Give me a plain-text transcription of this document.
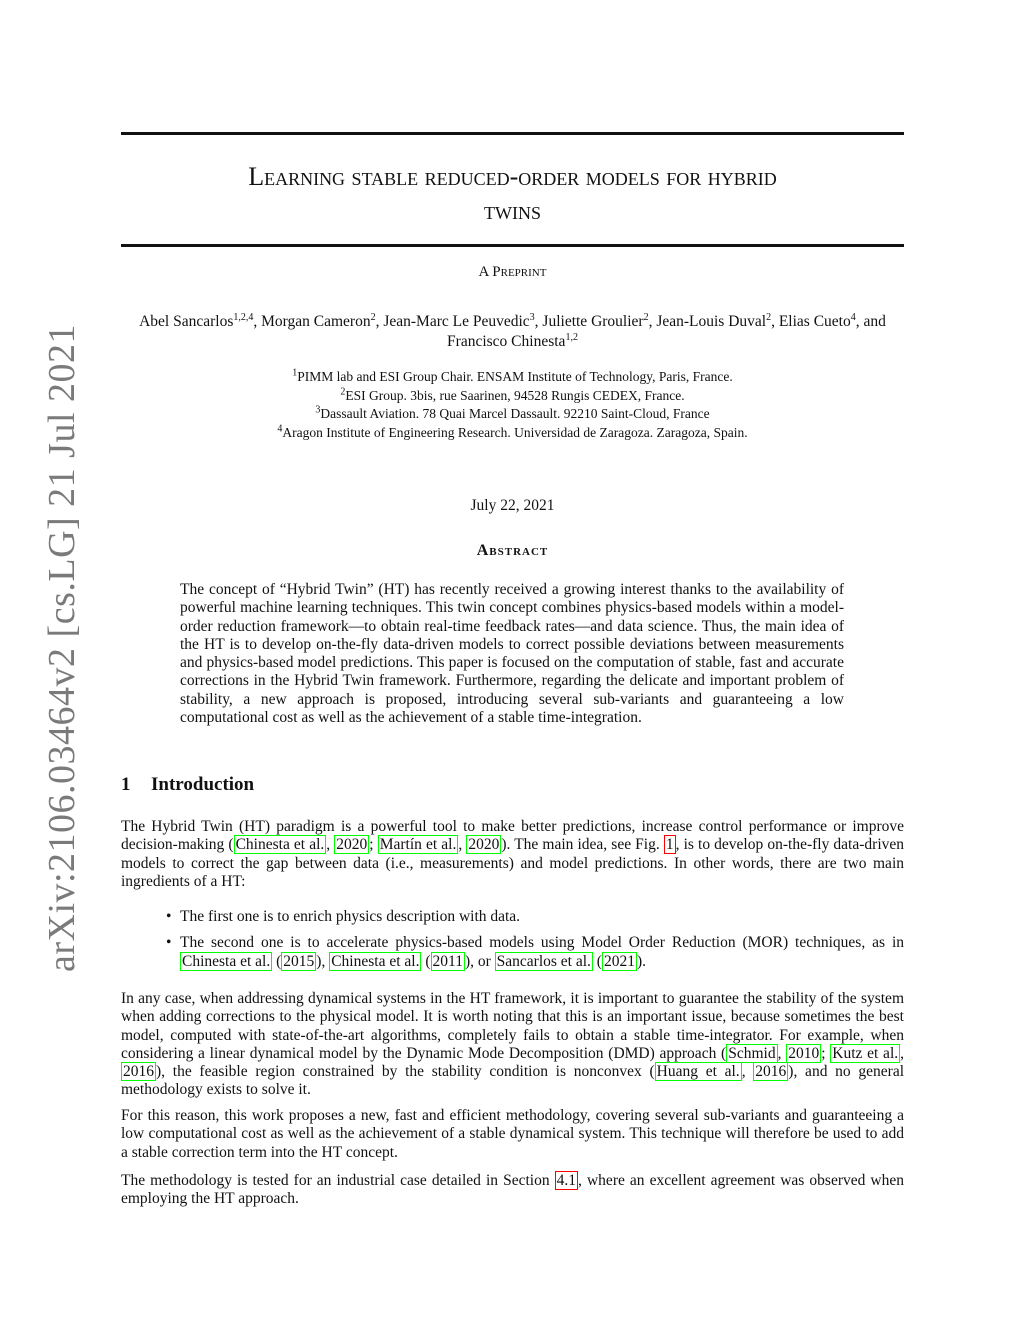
arXiv:2106.03464v2 [cs.LG] 21 Jul 2021
Learning stable reduced-order models for hybrid
twins
A Preprint
Abel Sancarlos$^{1,2,4}$, Morgan Cameron$^2$, Jean-Marc Le Peuvedic$^3$, Juliette Groulier$^2$, Jean-Louis Duval$^2$, Elias Cueto$^4$, and Francisco Chinesta$^{1,2}$
$^1$PIMM lab and ESI Group Chair. ENSAM Institute of Technology, Paris, France.
$^2$ESI Group. 3bis, rue Saarinen, 94528 Rungis CEDEX, France.
$^3$Dassault Aviation. 78 Quai Marcel Dassault. 92210 Saint-Cloud, France
$^4$Aragon Institute of Engineering Research. Universidad de Zaragoza. Zaragoza, Spain.
July 22, 2021
Abstract
The concept of “Hybrid Twin” (HT) has recently received a growing interest thanks to the availability of powerful machine learning techniques. This twin concept combines physics-based models within a model-order reduction framework—to obtain real-time feedback rates—and data science. Thus, the main idea of the HT is to develop on-the-fly data-driven models to correct possible deviations between measurements and physics-based model predictions. This paper is focused on the computation of stable, fast and accurate corrections in the Hybrid Twin framework. Furthermore, regarding the delicate and important problem of stability, a new approach is proposed, introducing several sub-variants and guaranteeing a low computational cost as well as the achievement of a stable time-integration.
1 Introduction
The Hybrid Twin (HT) paradigm is a powerful tool to make better predictions, increase control performance or improve decision-making ( Chinesta et al. , 2020 ; Martín et al. , 2020 ). The main idea, see Fig. 1 , is to develop on-the-fly data-driven models to correct the gap between data (i.e., measurements) and model predictions. In other words, there are two main ingredients of a HT:
• The first one is to enrich physics description with data.
• The second one is to accelerate physics-based models using Model Order Reduction (MOR) techniques, as in Chinesta et al. ( 2015 ), Chinesta et al. ( 2011 ), or Sancarlos et al. ( 2021 ).
In any case, when addressing dynamical systems in the HT framework, it is important to guarantee the stability of the system when adding corrections to the physical model. It is worth noting that this is an important issue, because sometimes the best model, computed with state-of-the-art algorithms, completely fails to obtain a stable time-integrator. For example, when considering a linear dynamical model by the Dynamic Mode Decomposition (DMD) approach ( Schmid , 2010 ; Kutz et al. , 2016 ), the feasible region constrained by the stability condition is nonconvex ( Huang et al. , 2016 ), and no general methodology exists to solve it.
For this reason, this work proposes a new, fast and efficient methodology, covering several sub-variants and guaranteeing a low computational cost as well as the achievement of a stable dynamical system. This technique will therefore be used to add a stable correction term into the HT concept.
The methodology is tested for an industrial case detailed in Section 4.1 , where an excellent agreement was observed when employing the HT approach.
